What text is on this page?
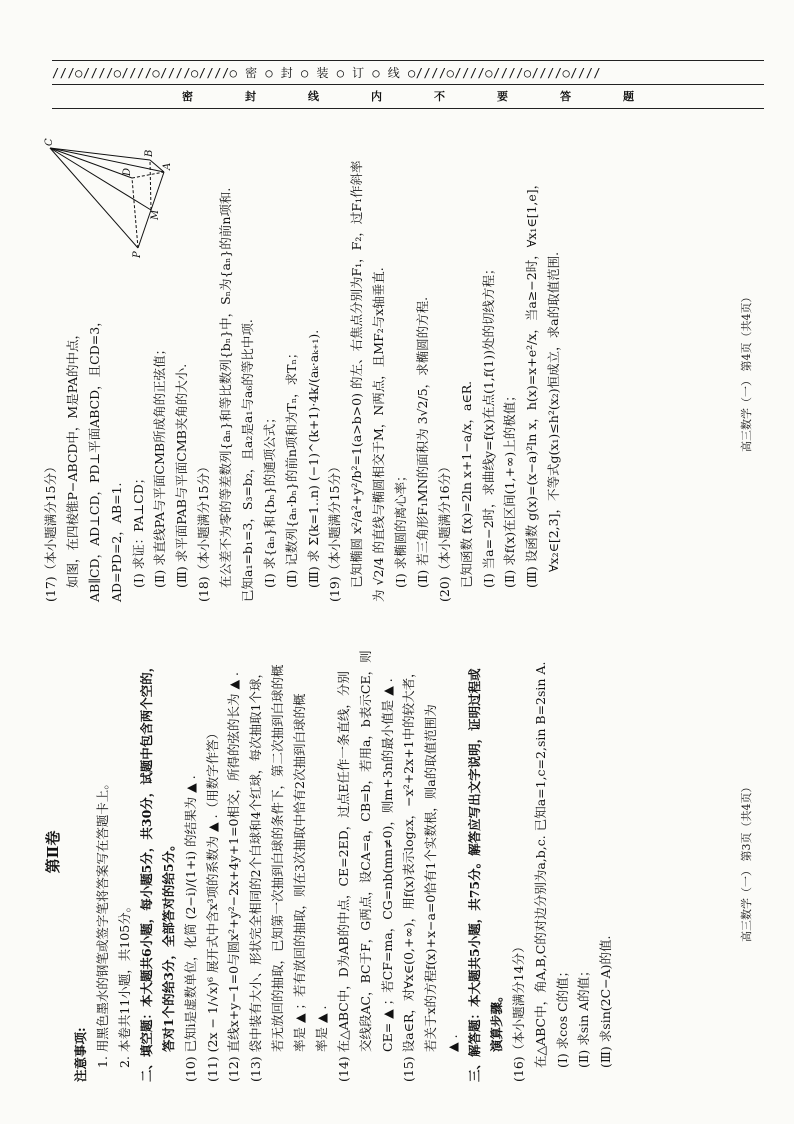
///○////○////○////○////○ 密 ○ 封 ○ 装 ○ 订 ○ 线 ○////○////○////○////○////
密封线内不要答题

第Ⅱ卷

注意事项: 1. 用黑色墨水的钢笔或签字笔将答案写在答题卡上。 2. 本卷共11小题，共105分。 二、填空题：本大题共6小题，每小题5分，共30分，试题中包含两个空的， 答对1个的给3分，全部答对的给5分。 (10) 已知i是虚数单位，化简 (2−i)/(1+i) 的结果为 ▲ . (11) (2x − 1/√x)⁶ 展开式中含x³项的系数为 ▲ .（用数字作答） (12) 直线x+y−1=0与圆x²+y²−2x+4y+1=0相交，所得的弦的长为 ▲ . (13) 袋中装有大小、形状完全相同的2个白球和4个红球，每次抽取1个球， 若无放回的抽取，已知第一次抽到白球的条件下，第二次抽到白球的概 率是 ▲ ；若有放回的抽取，则在3次抽取中恰有2次抽到白球的概 率是 ▲ . (14) 在△ABC中，D为AB的中点，CE=2ED，过点E任作一条直线，分别 交线段AC，BC于F，G两点，设CA=a，CB=b，若用a，b表示CE，则 CE= ▲ ；若CF=ma，CG=nb(mn≠0)，则m+3n的最小值是 ▲ . (15) 设a∈R，对∀x∈(0,+∞)，用f(x)表示log₂x，−x²+2x+1中的较大者， 若关于x的方程f(x)+x−a=0恰有1个实数根，则a的取值范围为 ▲ . 三、解答题：本大题共5小题，共75分。解答应写出文字说明，证明过程或 演算步骤。 (16)（本小题满分14分） 在△ABC中，角A,B,C的对边分别为a,b,c. 已知a=1,c=2,sin B=2sin A. (Ⅰ) 求cos C的值； (Ⅱ) 求sin A的值； (Ⅲ) 求sin(2C−A)的值.

高三数学（一） 第3页（共4页）
C
P
M
D
B
A

(17)（本小题满分15分） 如图，在四棱锥P−ABCD中，M是PA的中点， AB∥CD，AD⊥CD，PD⊥平面ABCD，且CD=3， AD=PD=2，AB=1. (Ⅰ) 求证：PA⊥CD； (Ⅱ) 求直线PA与平面CMB所成角的正弦值； (Ⅲ) 求平面PAB与平面CMB夹角的大小. (18)（本小题满分15分） 在公差不为零的等差数列{aₙ}和等比数列{bₙ}中，Sₙ为{aₙ}的前n项和. 已知a₁=b₁=3，S₃=b₂，且a₂是a₁与a₆的等比中项. (Ⅰ) 求{aₙ}和{bₙ}的通项公式； (Ⅱ) 记数列{aₙ·bₙ}的前n项和为Tₙ，求Tₙ； (Ⅲ) 求 Σ(k=1..n) (−1)^(k+1)·4k/(aₖ·aₖ₊₁). (19)（本小题满分15分） 已知椭圆 x²/a²+y²/b²=1(a>b>0) 的左、右焦点分别为F₁，F₂，过F₁作斜率 为 √2/4 的直线与椭圆相交于M，N两点，且MF₂与x轴垂直. (Ⅰ) 求椭圆的离心率； (Ⅱ) 若三角形F₁MN的面积为 3√2/5，求椭圆的方程. (20)（本小题满分16分） 已知函数 f(x)=2ln x+1−a/x，a∈R. (Ⅰ) 当a=−2时，求曲线y=f(x)在点(1,f(1))处的切线方程； (Ⅱ) 求f(x)在区间(1,+∞)上的极值； (Ⅲ) 设函数 g(x)=(x−a)²ln x，h(x)=x+e²/x，当a≥−2时，∀x₁∈[1,e]， ∀x₂∈[2,3]，不等式g(x₁)≤h²(x₂)恒成立，求a的取值范围.	高三数学（一） 第4页（共4页）
